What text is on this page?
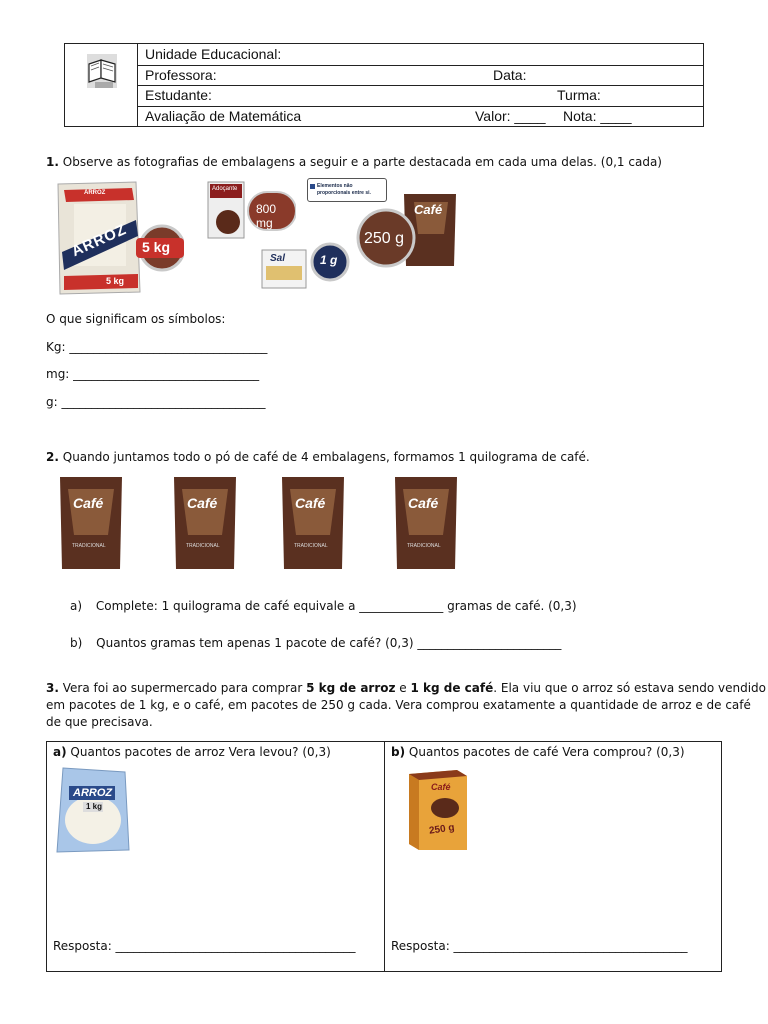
Unidade Educacional:
Professora:	Data:
Estudante:	Turma:
Avaliação de Matemática	Valor: ____ Nota: ____
1. Observe as fotografias de embalagens a seguir e a parte destacada em cada uma delas. (0,1 cada)
ARROZ
ARROZ
5 kg
5 kg
Adoçante
800 mg
Elementos não proporcionais entre si.
Sal	1 g
Café
250 g
O que significam os símbolos:
Kg: _________________________________
mg: _______________________________
g: __________________________________
2. Quando juntamos todo o pó de café de 4 embalagens, formamos 1 quilograma de café.
Café
TRADICIONAL
Café
TRADICIONAL
Café
TRADICIONAL
Café
TRADICIONAL
a) Complete: 1 quilograma de café equivale a ______________ gramas de café. (0,3)
b) Quantos gramas tem apenas 1 pacote de café? (0,3) ________________________
3. Vera foi ao supermercado para comprar 5 kg de arroz e 1 kg de café. Ela viu que o arroz só estava sendo vendido
em pacotes de 1 kg, e o café, em pacotes de 250 g cada. Vera comprou exatamente a quantidade de arroz e de café
de que precisava.
a) Quantos pacotes de arroz Vera levou? (0,3)	b) Quantos pacotes de café Vera comprou? (0,3)
ARROZ
1 kg
Café
250 g
Resposta: ________________________________________	Resposta: _______________________________________
